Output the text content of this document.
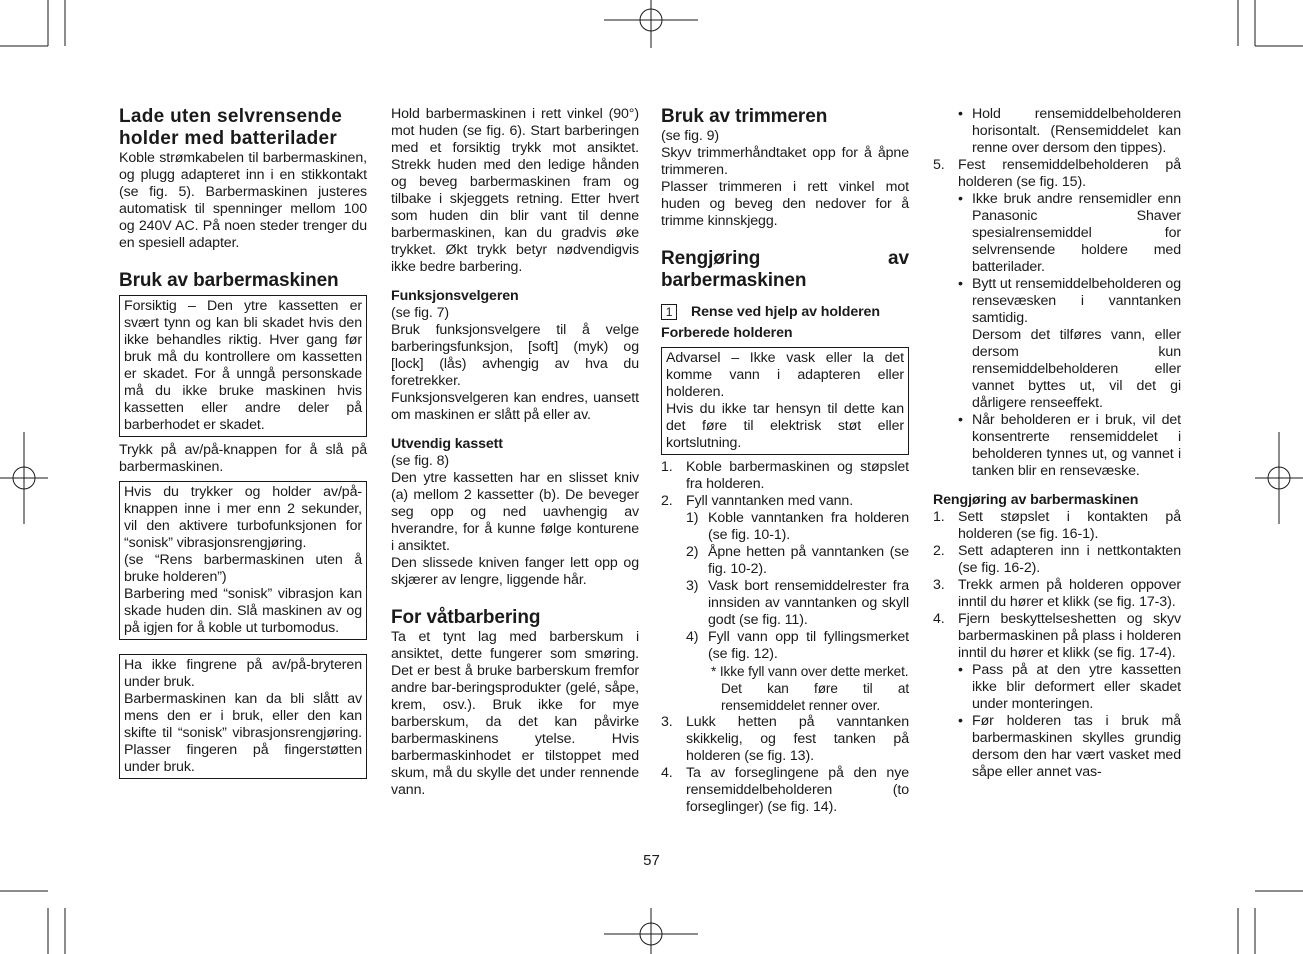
Lade uten selvrensende holder med batterilader

Koble strømkabelen til barbermaskinen, og plugg adapteret inn i en stikkontakt (se fig. 5). Barbermaskinen justeres automatisk til spenninger mellom 100 og 240V AC. På noen steder trenger du en spesiell adapter.

Bruk av barbermaskinen

Forsiktig – Den ytre kassetten er svært tynn og kan bli skadet hvis den ikke behandles riktig. Hver gang før bruk må du kontrollere om kassetten er skadet. For å unngå personskade må du ikke bruke maskinen hvis kassetten eller andre deler på barberhodet er skadet.

Trykk på av/på-knappen for å slå på barbermaskinen.

Hvis du trykker og holder av/på-knappen inne i mer enn 2 sekunder, vil den aktivere turbofunksjonen for “sonisk” vibrasjonsrengjøring.

(se “Rens barbermaskinen uten å bruke holderen”)

Barbering med “sonisk” vibrasjon kan skade huden din. Slå maskinen av og på igjen for å koble ut turbomodus.

Ha ikke fingrene på av/på-bryteren under bruk.

Barbermaskinen kan da bli slått av mens den er i bruk, eller den kan skifte til “sonisk” vibrasjonsrengjøring. Plasser fingeren på fingerstøtten under bruk.

Hold barbermaskinen i rett vinkel (90°) mot huden (se fig. 6). Start barberingen med et forsiktig trykk mot ansiktet. Strekk huden med den ledige hånden og beveg barbermaskinen fram og tilbake i skjeggets retning. Etter hvert som huden din blir vant til denne barbermaskinen, kan du gradvis øke trykket. Økt trykk betyr nødvendigvis ikke bedre barbering.

Funksjonsvelgeren

(se fig. 7)

Bruk funksjonsvelgere til å velge barberingsfunksjon, [soft] (myk) og [lock] (lås) avhengig av hva du foretrekker.

Funksjonsvelgeren kan endres, uansett om maskinen er slått på eller av.

Utvendig kassett

(se fig. 8)

Den ytre kassetten har en slisset kniv (a) mellom 2 kassetter (b). De beveger seg opp og ned uavhengig av hverandre, for å kunne følge konturene i ansiktet.

Den slissede kniven fanger lett opp og skjærer av lengre, liggende hår.

For våtbarbering

Ta et tynt lag med barberskum i ansiktet, dette fungerer som smøring. Det er best å bruke barberskum fremfor andre bar-beringsprodukter (gelé, såpe, krem, osv.). Bruk ikke for mye barberskum, da det kan påvirke barbermaskinens ytelse. Hvis barbermaskinhodet er tilstoppet med skum, må du skylle det under rennende vann.

Bruk av trimmeren

(se fig. 9)

Skyv trimmerhåndtaket opp for å åpne trimmeren.

Plasser trimmeren i rett vinkel mot huden og beveg den nedover for å trimme kinnskjegg.

Rengjøring av barbermaskinen
1 Rense ved hjelp av holderen
Forberede holderen

Advarsel – Ikke vask eller la det komme vann i adapteren eller holderen.

Hvis du ikke tar hensyn til dette kan det føre til elektrisk støt eller kortslutning.

1. Koble barbermaskinen og støpslet fra holderen.
2. Fyll vanntanken med vann.
1) Koble vanntanken fra holderen (se fig. 10-1).
2) Åpne hetten på vanntanken (se fig. 10-2).
3) Vask bort rensemiddelrester fra innsiden av vanntanken og skyll godt (se fig. 11).
4) Fyll vann opp til fyllingsmerket (se fig. 12).

* Ikke fyll vann over dette merket.

Det kan føre til at rensemiddelet renner over.

3. Lukk hetten på vanntanken skikkelig, og fest tanken på holderen (se fig. 13).
4. Ta av forseglingene på den nye rensemiddelbeholderen (to forseglinger) (se fig. 14).
• Hold rensemiddelbeholderen horisontalt. (Rensemiddelet kan renne over dersom den tippes).
5. Fest rensemiddelbeholderen på holderen (se fig. 15).
• Ikke bruk andre rensemidler enn Panasonic Shaver spesialrensemiddel for selvrensende holdere med batterilader.
• Bytt ut rensemiddelbeholderen og rensevæsken i vanntanken samtidig.
Dersom det tilføres vann, eller dersom kun rensemiddelbeholderen eller vannet byttes ut, vil det gi dårligere renseeffekt.
• Når beholderen er i bruk, vil det konsentrerte rensemiddelet i beholderen tynnes ut, og vannet i tanken blir en rensevæske.
Rengjøring av barbermaskinen
1. Sett støpslet i kontakten på holderen (se fig. 16-1).
2. Sett adapteren inn i nettkontakten (se fig. 16-2).
3. Trekk armen på holderen oppover inntil du hører et klikk (se fig. 17-3).
4. Fjern beskyttelseshetten og skyv barbermaskinen på plass i holderen inntil du hører et klikk (se fig. 17-4).
• Pass på at den ytre kassetten ikke blir deformert eller skadet under monteringen.
• Før holderen tas i bruk må barbermaskinen skylles grundig dersom den har vært vasket med såpe eller annet vas-
57
